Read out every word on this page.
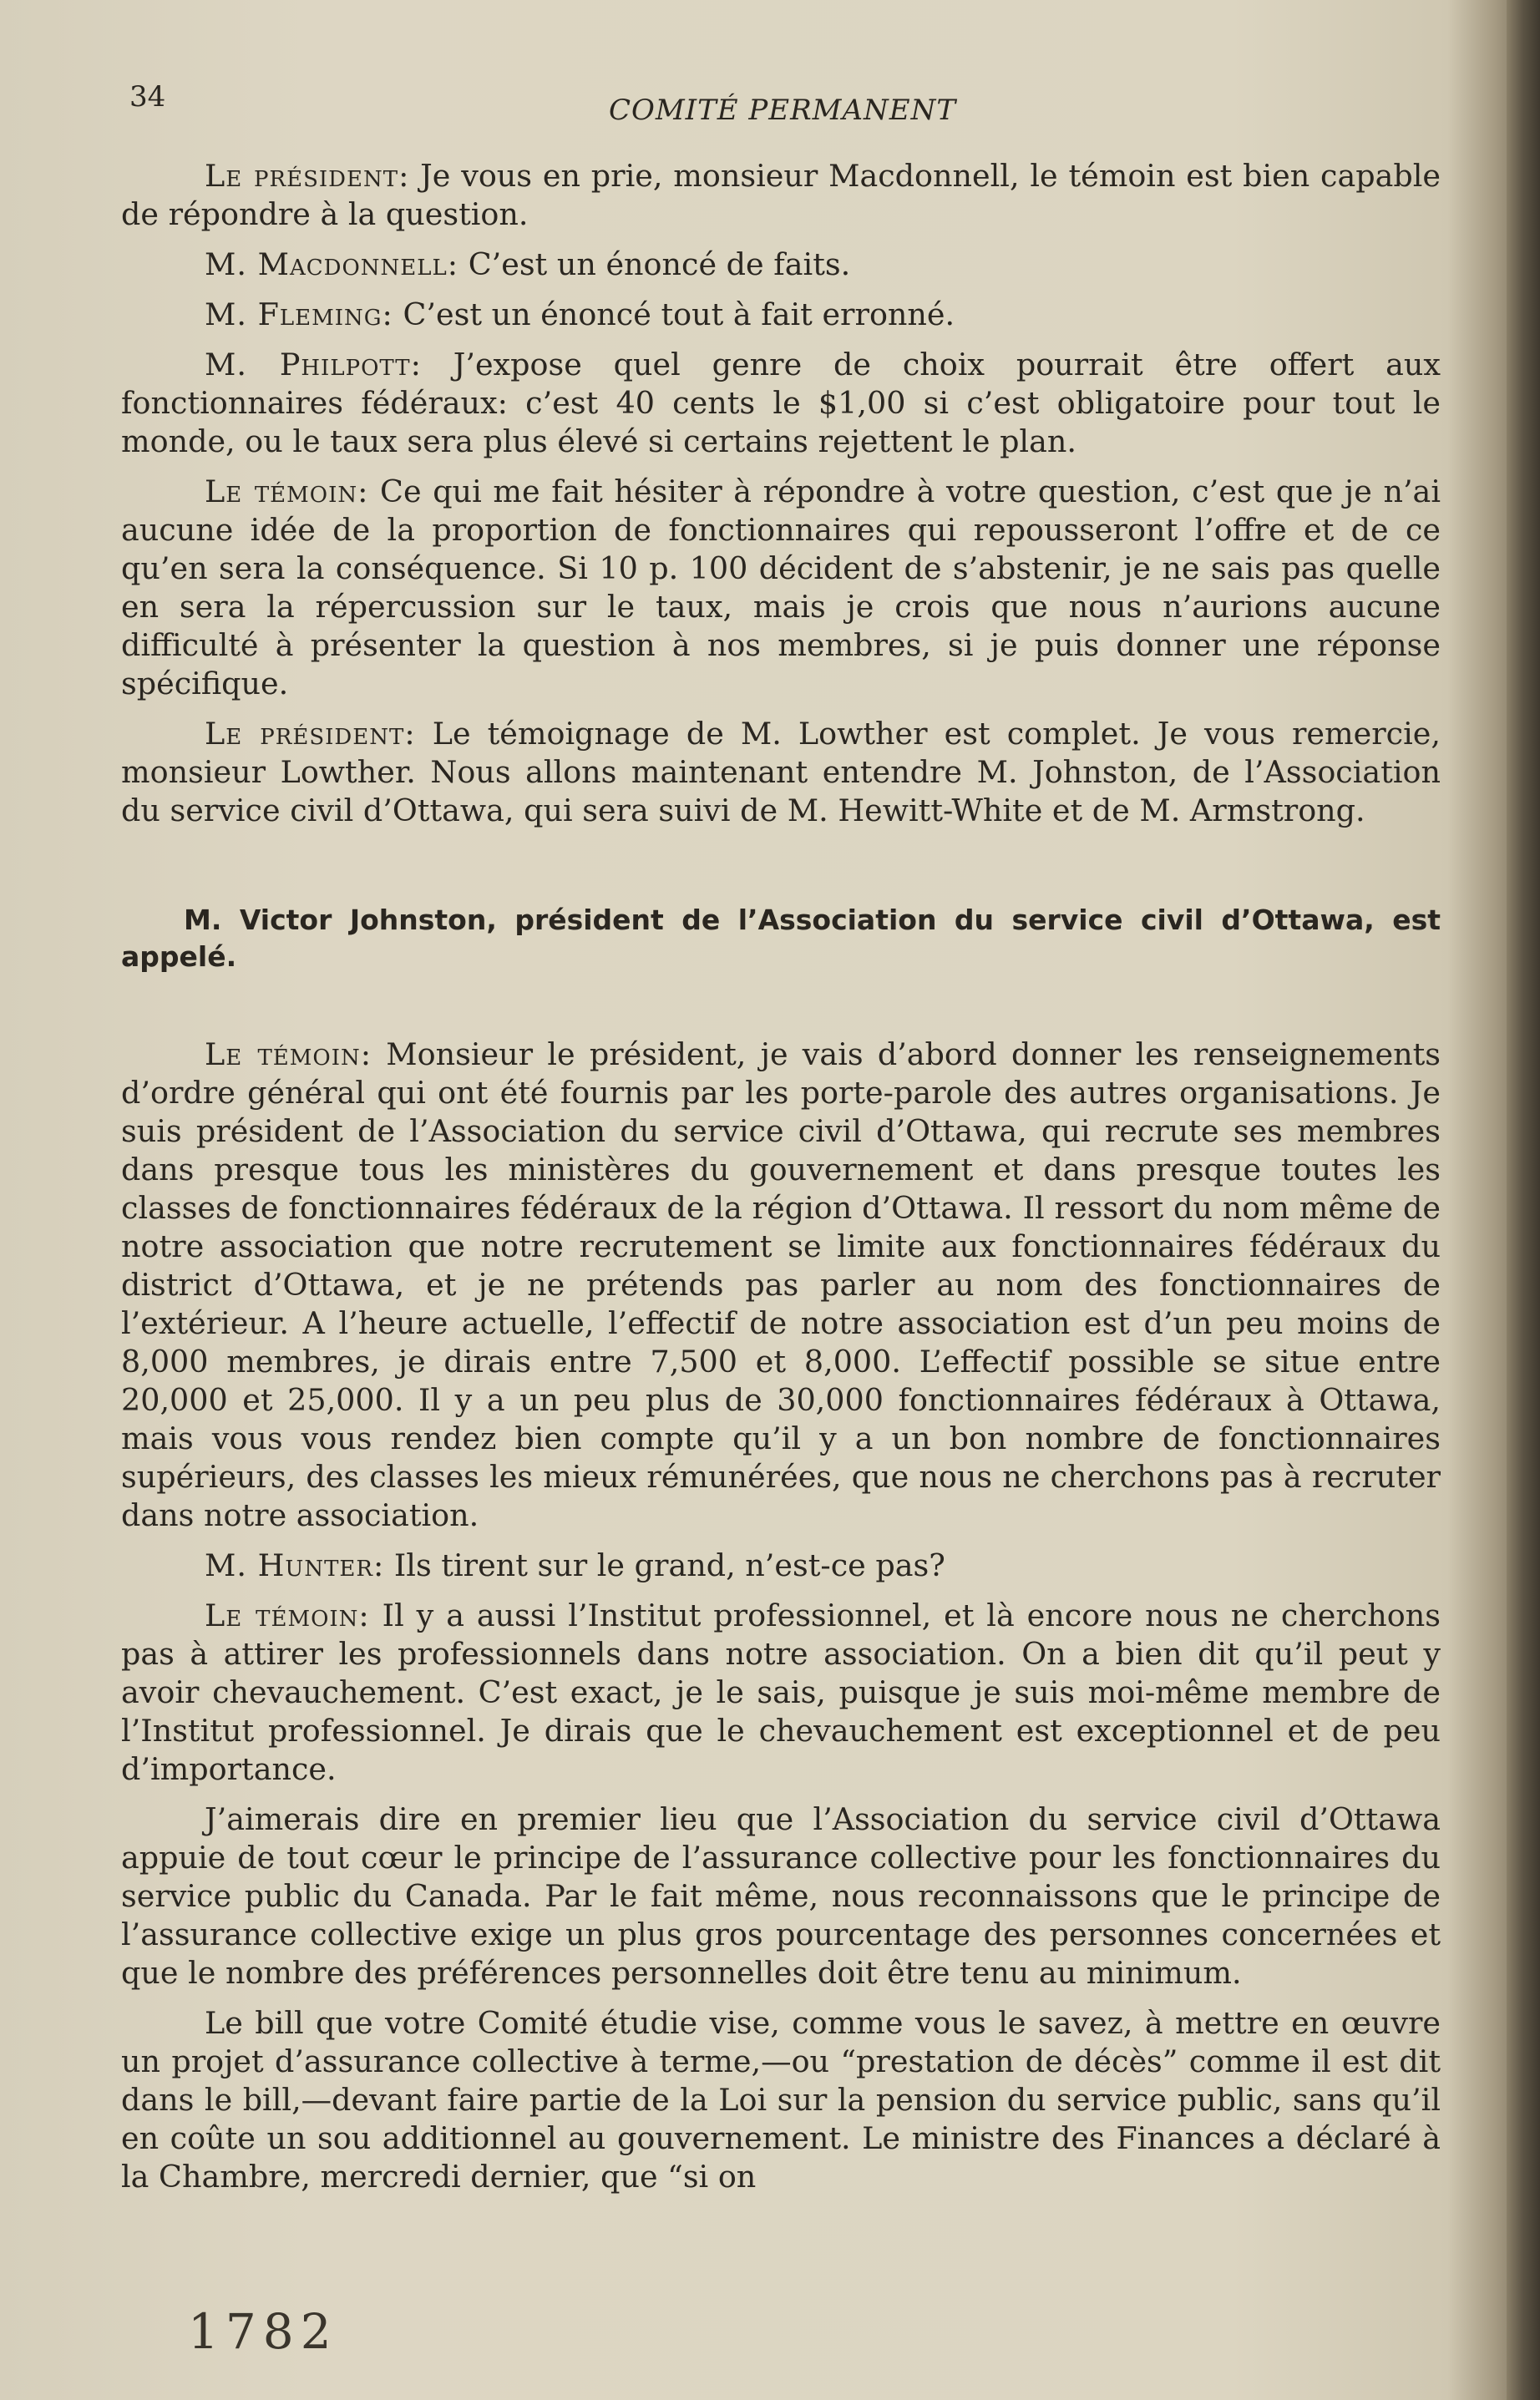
34	COMITÉ PERMANENT

Le président: Je vous en prie, monsieur Macdonnell, le témoin est bien capable de répondre à la question.

M. Macdonnell: C’est un énoncé de faits.

M. Fleming: C’est un énoncé tout à fait erronné.

M. Philpott: J’expose quel genre de choix pourrait être offert aux fonctionnaires fédéraux: c’est 40 cents le $1,00 si c’est obligatoire pour tout le monde, ou le taux sera plus élevé si certains rejettent le plan.

Le témoin: Ce qui me fait hésiter à répondre à votre question, c’est que je n’ai aucune idée de la proportion de fonctionnaires qui repousseront l’offre et de ce qu’en sera la conséquence. Si 10 p. 100 décident de s’abstenir, je ne sais pas quelle en sera la répercussion sur le taux, mais je crois que nous n’aurions aucune difficulté à présenter la question à nos membres, si je puis donner une réponse spécifique.

Le président: Le témoignage de M. Lowther est complet. Je vous remercie, monsieur Lowther. Nous allons maintenant entendre M. Johnston, de l’Association du service civil d’Ottawa, qui sera suivi de M. Hewitt-White et de M. Armstrong.

M. Victor Johnston, président de l’Association du service civil d’Ottawa, est appelé.

Le témoin: Monsieur le président, je vais d’abord donner les renseignements d’ordre général qui ont été fournis par les porte-parole des autres organisations. Je suis président de l’Association du service civil d’Ottawa, qui recrute ses membres dans presque tous les ministères du gouvernement et dans presque toutes les classes de fonctionnaires fédéraux de la région d’Ottawa. Il ressort du nom même de notre association que notre recrutement se limite aux fonctionnaires fédéraux du district d’Ottawa, et je ne prétends pas parler au nom des fonctionnaires de l’extérieur. A l’heure actuelle, l’effectif de notre association est d’un peu moins de 8,000 membres, je dirais entre 7,500 et 8,000. L’effectif possible se situe entre 20,000 et 25,000. Il y a un peu plus de 30,000 fonctionnaires fédéraux à Ottawa, mais vous vous rendez bien compte qu’il y a un bon nombre de fonctionnaires supérieurs, des classes les mieux rémunérées, que nous ne cherchons pas à recruter dans notre association.

M. Hunter: Ils tirent sur le grand, n’est-ce pas?

Le témoin: Il y a aussi l’Institut professionnel, et là encore nous ne cherchons pas à attirer les professionnels dans notre association. On a bien dit qu’il peut y avoir chevauchement. C’est exact, je le sais, puisque je suis moi-même membre de l’Institut professionnel. Je dirais que le chevauchement est exceptionnel et de peu d’importance.

J’aimerais dire en premier lieu que l’Association du service civil d’Ottawa appuie de tout cœur le principe de l’assurance collective pour les fonctionnaires du service public du Canada. Par le fait même, nous reconnaissons que le principe de l’assurance collective exige un plus gros pourcentage des personnes concernées et que le nombre des préférences personnelles doit être tenu au minimum.

Le bill que votre Comité étudie vise, comme vous le savez, à mettre en œuvre un projet d’assurance collective à terme,—ou “prestation de décès” comme il est dit dans le bill,—devant faire partie de la Loi sur la pension du service public, sans qu’il en coûte un sou additionnel au gouvernement. Le ministre des Finances a déclaré à la Chambre, mercredi dernier, que “si on

1782
